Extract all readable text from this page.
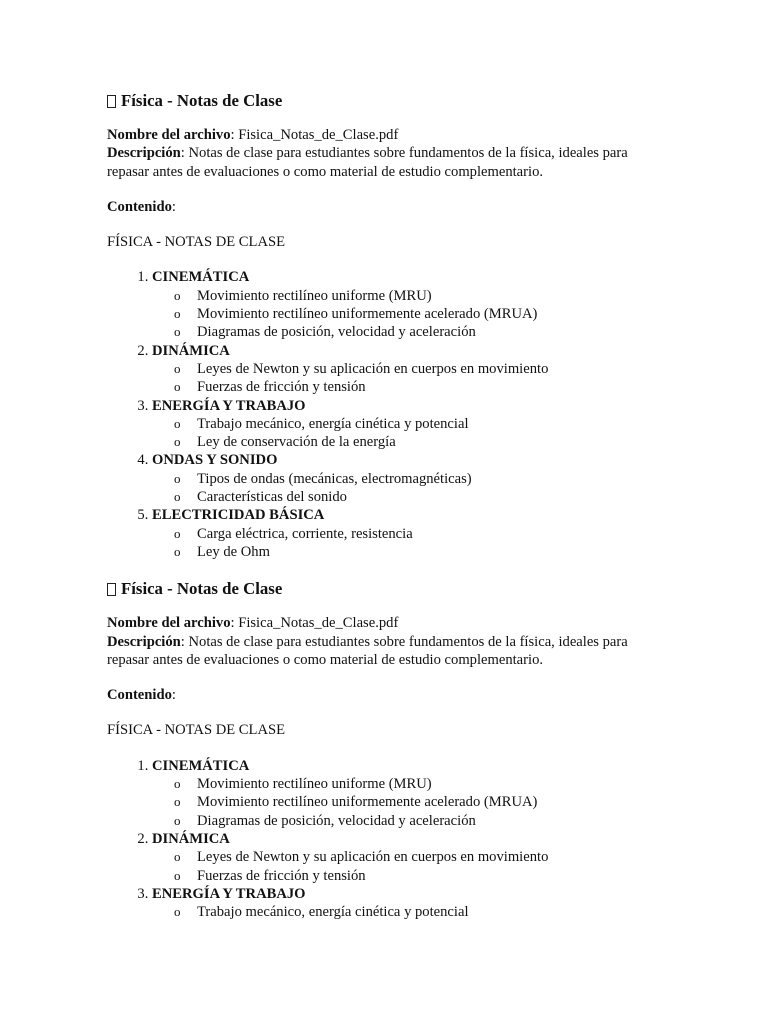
Física - Notas de Clase

Nombre del archivo: Fisica_Notas_de_Clase.pdf

Descripción: Notas de clase para estudiantes sobre fundamentos de la física, ideales para repasar antes de evaluaciones o como material de estudio complementario.

Contenido:

FÍSICA - NOTAS DE CLASE

1. CINEMÁTICA
o Movimiento rectilíneo uniforme (MRU)
o Movimiento rectilíneo uniformemente acelerado (MRUA)
o Diagramas de posición, velocidad y aceleración
2. DINÁMICA
o Leyes de Newton y su aplicación en cuerpos en movimiento
o Fuerzas de fricción y tensión
3. ENERGÍA Y TRABAJO
o Trabajo mecánico, energía cinética y potencial
o Ley de conservación de la energía
4. ONDAS Y SONIDO
o Tipos de ondas (mecánicas, electromagnéticas)
o Características del sonido
5. ELECTRICIDAD BÁSICA
o Carga eléctrica, corriente, resistencia
o Ley de Ohm
Física - Notas de Clase

Nombre del archivo: Fisica_Notas_de_Clase.pdf

Descripción: Notas de clase para estudiantes sobre fundamentos de la física, ideales para repasar antes de evaluaciones o como material de estudio complementario.

Contenido:

FÍSICA - NOTAS DE CLASE

1. CINEMÁTICA
o Movimiento rectilíneo uniforme (MRU)
o Movimiento rectilíneo uniformemente acelerado (MRUA)
o Diagramas de posición, velocidad y aceleración
2. DINÁMICA
o Leyes de Newton y su aplicación en cuerpos en movimiento
o Fuerzas de fricción y tensión
3. ENERGÍA Y TRABAJO
o Trabajo mecánico, energía cinética y potencial
